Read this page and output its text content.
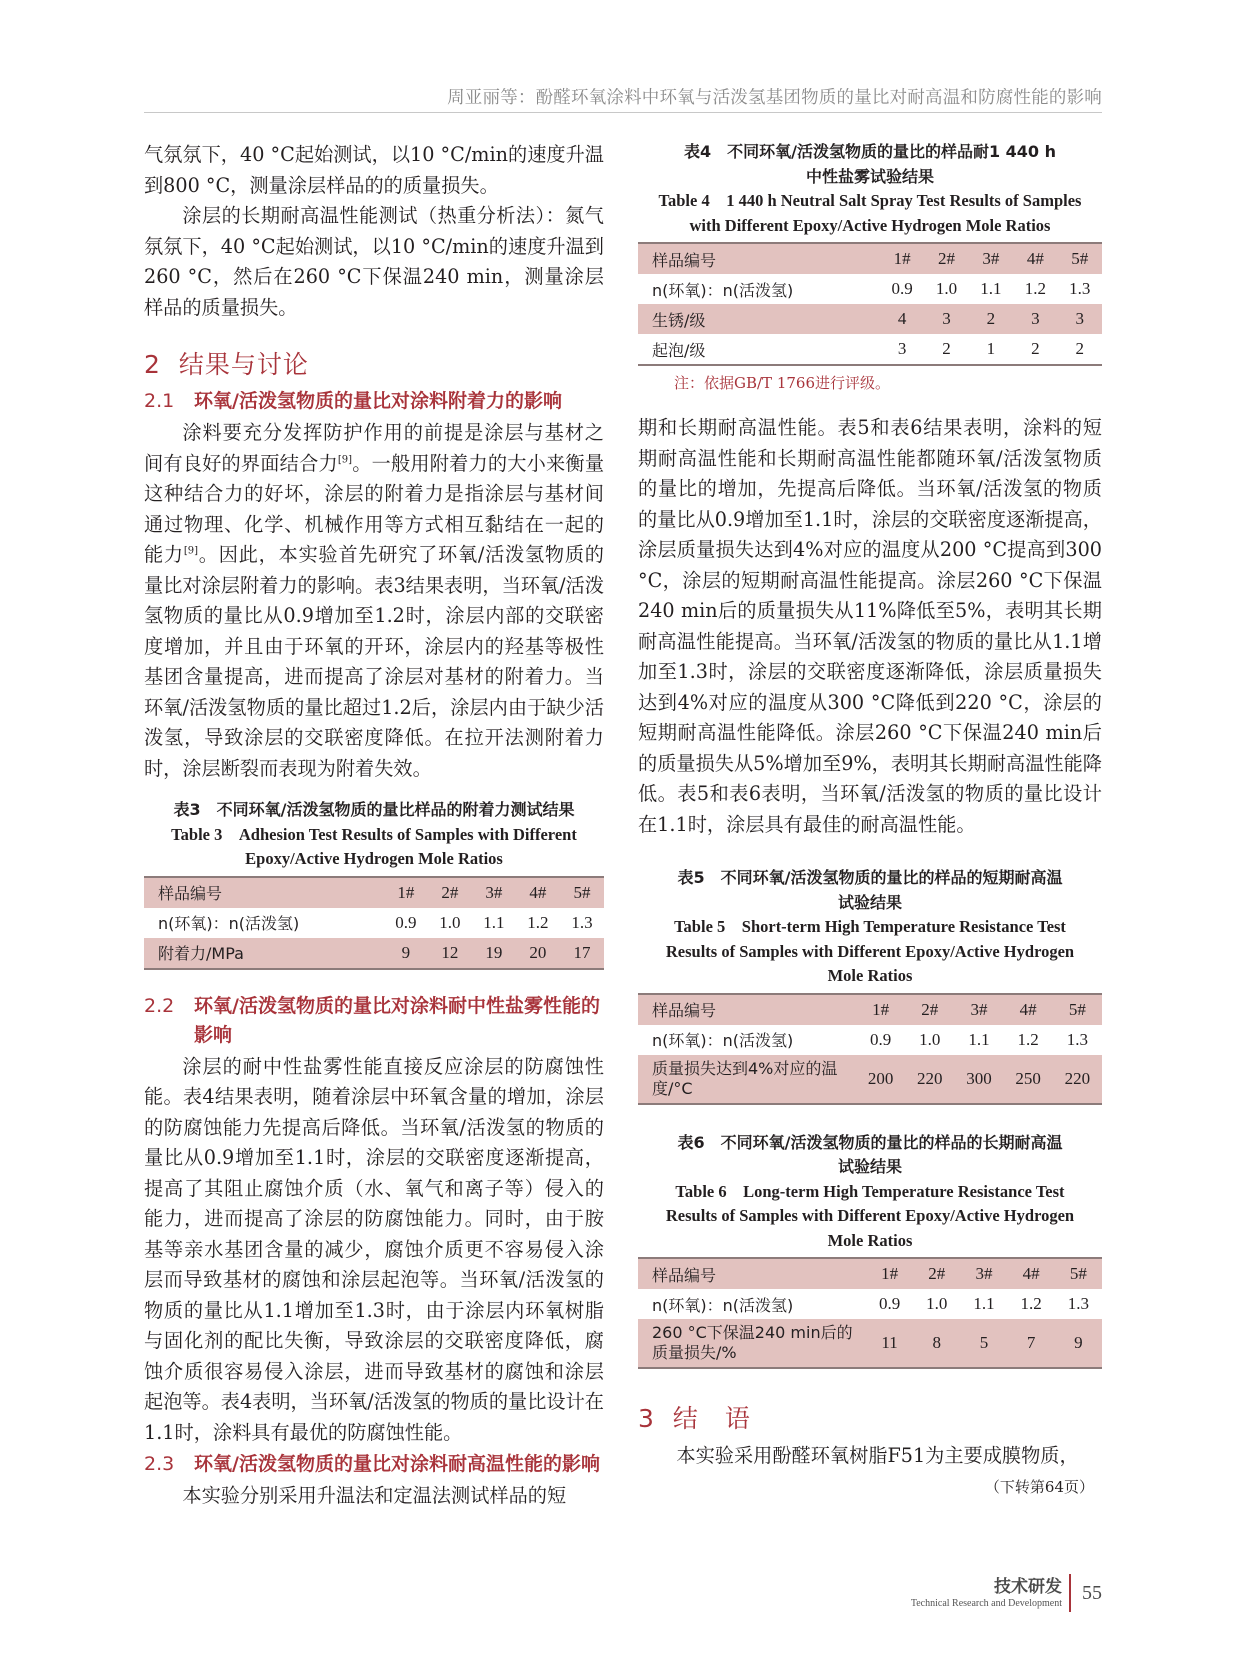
周亚丽等：酚醛环氧涂料中环氧与活泼氢基团物质的量比对耐高温和防腐性能的影响

气氛氛下，40 °C起始测试，以10 °C/min的速度升温到800 °C，测量涂层样品的的质量损失。

涂层的长期耐高温性能测试（热重分析法）：氮气氛氛下，40 °C起始测试，以10 °C/min的速度升温到260 °C，然后在260 °C下保温240 min，测量涂层样品的质量损失。

2 结果与讨论
2.1	环氧/活泼氢物质的量比对涂料附着力的影响

涂料要充分发挥防护作用的前提是涂层与基材之间有良好的界面结合力[9]。一般用附着力的大小来衡量这种结合力的好坏，涂层的附着力是指涂层与基材间通过物理、化学、机械作用等方式相互黏结在一起的能力[9]。因此，本实验首先研究了环氧/活泼氢物质的量比对涂层附着力的影响。表3结果表明，当环氧/活泼氢物质的量比从0.9增加至1.2时，涂层内部的交联密度增加，并且由于环氧的开环，涂层内的羟基等极性基团含量提高，进而提高了涂层对基材的附着力。当环氧/活泼氢物质的量比超过1.2后，涂层内由于缺少活泼氢，导致涂层的交联密度降低。在拉开法测附着力时，涂层断裂而表现为附着失效。

表3　不同环氧/活泼氢物质的量比样品的附着力测试结果
Table 3　Adhesion Test Results of Samples with Different
Epoxy/Active Hydrogen Mole Ratios
样品编号	1#	2#	3#	4#	5#
n(环氧)：n(活泼氢)	0.9	1.0	1.1	1.2	1.3
附着力/MPa	9	12	19	20	17
2.2	环氧/活泼氢物质的量比对涂料耐中性盐雾性能的影响

涂层的耐中性盐雾性能直接反应涂层的防腐蚀性能。表4结果表明，随着涂层中环氧含量的增加，涂层的防腐蚀能力先提高后降低。当环氧/活泼氢的物质的量比从0.9增加至1.1时，涂层的交联密度逐渐提高，提高了其阻止腐蚀介质（水、氧气和离子等）侵入的能力，进而提高了涂层的防腐蚀能力。同时，由于胺基等亲水基团含量的减少，腐蚀介质更不容易侵入涂层而导致基材的腐蚀和涂层起泡等。当环氧/活泼氢的物质的量比从1.1增加至1.3时，由于涂层内环氧树脂与固化剂的配比失衡，导致涂层的交联密度降低，腐蚀介质很容易侵入涂层，进而导致基材的腐蚀和涂层起泡等。表4表明，当环氧/活泼氢的物质的量比设计在1.1时，涂料具有最优的防腐蚀性能。

2.3	环氧/活泼氢物质的量比对涂料耐高温性能的影响

本实验分别采用升温法和定温法测试样品的短

表4　不同环氧/活泼氢物质的量比的样品耐1 440 h
中性盐雾试验结果
Table 4　1 440 h Neutral Salt Spray Test Results of Samples
with Different Epoxy/Active Hydrogen Mole Ratios
样品编号	1#	2#	3#	4#	5#
n(环氧)：n(活泼氢)	0.9	1.0	1.1	1.2	1.3
生锈/级	4	3	2	3	3
起泡/级	3	2	1	2	2
注：依据GB/T 1766进行评级。

期和长期耐高温性能。表5和表6结果表明，涂料的短期耐高温性能和长期耐高温性能都随环氧/活泼氢物质的量比的增加，先提高后降低。当环氧/活泼氢的物质的量比从0.9增加至1.1时，涂层的交联密度逐渐提高，涂层质量损失达到4%对应的温度从200 °C提高到300 °C，涂层的短期耐高温性能提高。涂层260 °C下保温240 min后的质量损失从11%降低至5%，表明其长期耐高温性能提高。当环氧/活泼氢的物质的量比从1.1增加至1.3时，涂层的交联密度逐渐降低，涂层质量损失达到4%对应的温度从300 °C降低到220 °C，涂层的短期耐高温性能降低。涂层260 °C下保温240 min后的质量损失从5%增加至9%，表明其长期耐高温性能降低。表5和表6表明，当环氧/活泼氢的物质的量比设计在1.1时，涂层具有最佳的耐高温性能。

表5　不同环氧/活泼氢物质的量比的样品的短期耐高温
试验结果
Table 5　Short-term High Temperature Resistance Test
Results of Samples with Different Epoxy/Active Hydrogen
Mole Ratios
样品编号	1#	2#	3#	4#	5#
n(环氧)：n(活泼氢)	0.9	1.0	1.1	1.2	1.3
质量损失达到4%对应的温度/°C	200	220	300	250	220
表6　不同环氧/活泼氢物质的量比的样品的长期耐高温
试验结果
Table 6　Long-term High Temperature Resistance Test
Results of Samples with Different Epoxy/Active Hydrogen
Mole Ratios
样品编号	1#	2#	3#	4#	5#
n(环氧)：n(活泼氢)	0.9	1.0	1.1	1.2	1.3
260 °C下保温240 min后的质量损失/%	11	8	5	7	9
3 结　语

本实验采用酚醛环氧树脂F51为主要成膜物质，

（下转第64页）
技术研发
Technical Research and Development 55
